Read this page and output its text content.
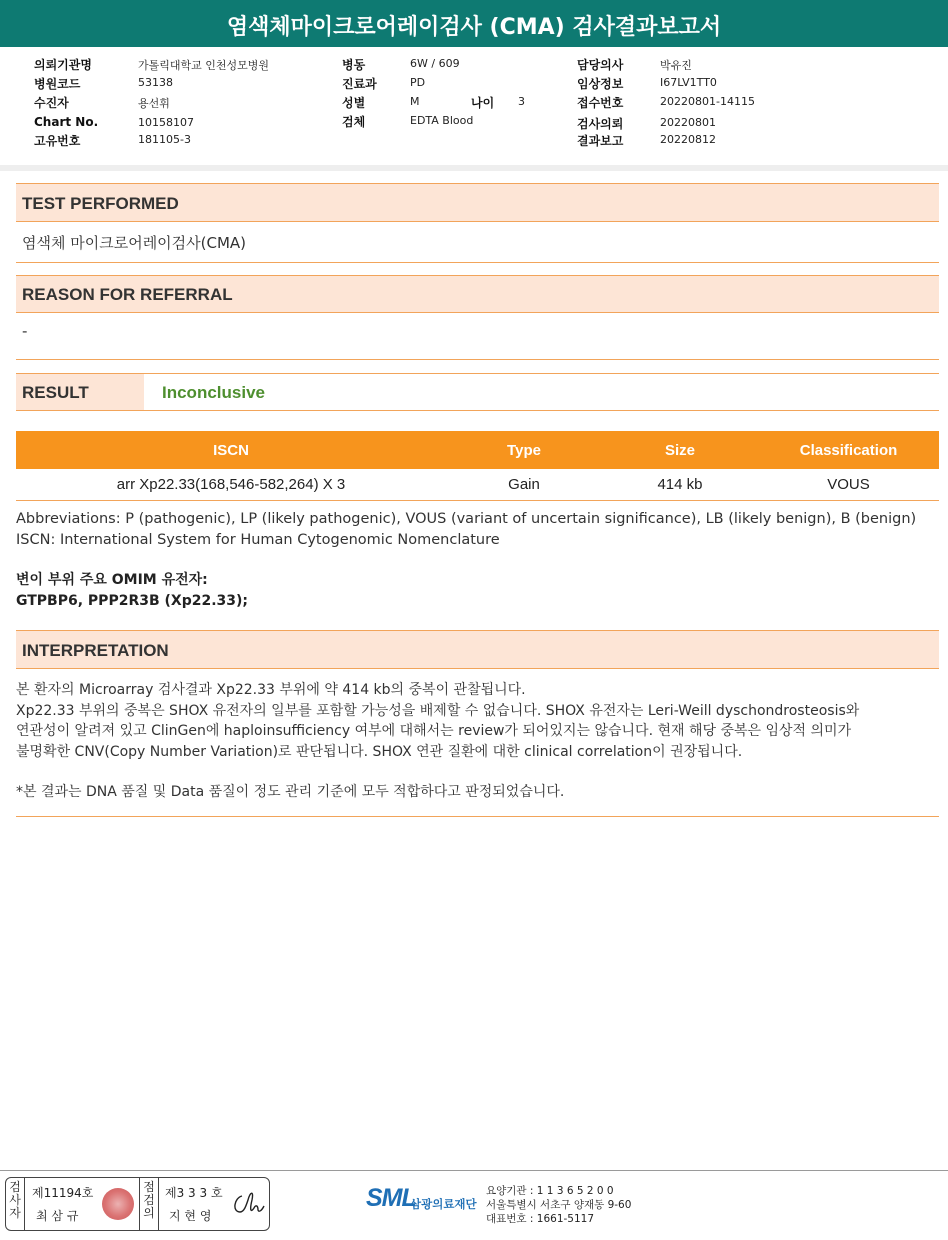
염색체마이크로어레이검사 (CMA) 검사결과보고서
의뢰기관명	가톨릭대학교 인천성모병원
병원코드	53138
수진자	용선휘
Chart No.	10158107
고유번호	181105-3
병동	6W / 609
진료과	PD
성별	M	나이 3
검체	EDTA Blood
담당의사	박유진
임상정보	I67LV1TT0
접수번호	20220801-14115
검사의뢰	20220801
결과보고	20220812
TEST PERFORMED
염색체 마이크로어레이검사(CMA)
REASON FOR REFERRAL
-
RESULT	Inconclusive
ISCN	Type	Size	Classification
arr Xp22.33(168,546-582,264) X 3	Gain	414 kb	VOUS
Abbreviations: P (pathogenic), LP (likely pathogenic), VOUS (variant of uncertain significance), LB (likely benign), B (benign)
ISCN: International System for Human Cytogenomic Nomenclature
변이 부위 주요 OMIM 유전자:
GTPBP6, PPP2R3B (Xp22.33);
INTERPRETATION
본 환자의 Microarray 검사결과 Xp22.33 부위에 약 414 kb의 중복이 관찰됩니다.
Xp22.33 부위의 중복은 SHOX 유전자의 일부를 포함할 가능성을 배제할 수 없습니다. SHOX 유전자는 Leri-Weill dyschondrosteosis와
연관성이 알려져 있고 ClinGen에 haploinsufficiency 여부에 대해서는 review가 되어있지는 않습니다. 현재 해당 중복은 임상적 의미가
불명확한 CNV(Copy Number Variation)로 판단됩니다. SHOX 연관 질환에 대한 clinical correlation이 권장됩니다.
*본 결과는 DNA 품질 및 Data 품질이 정도 관리 기준에 모두 적합하다고 판정되었습니다.
검사자
제11194호
최 삼 규
점검의
제3 3 3 호
지 현 영
SML
삼광의료재단
요양기관 : 1 1 3 6 5 2 0 0
서울특별시 서초구 양재동 9-60
대표번호 : 1661-5117
